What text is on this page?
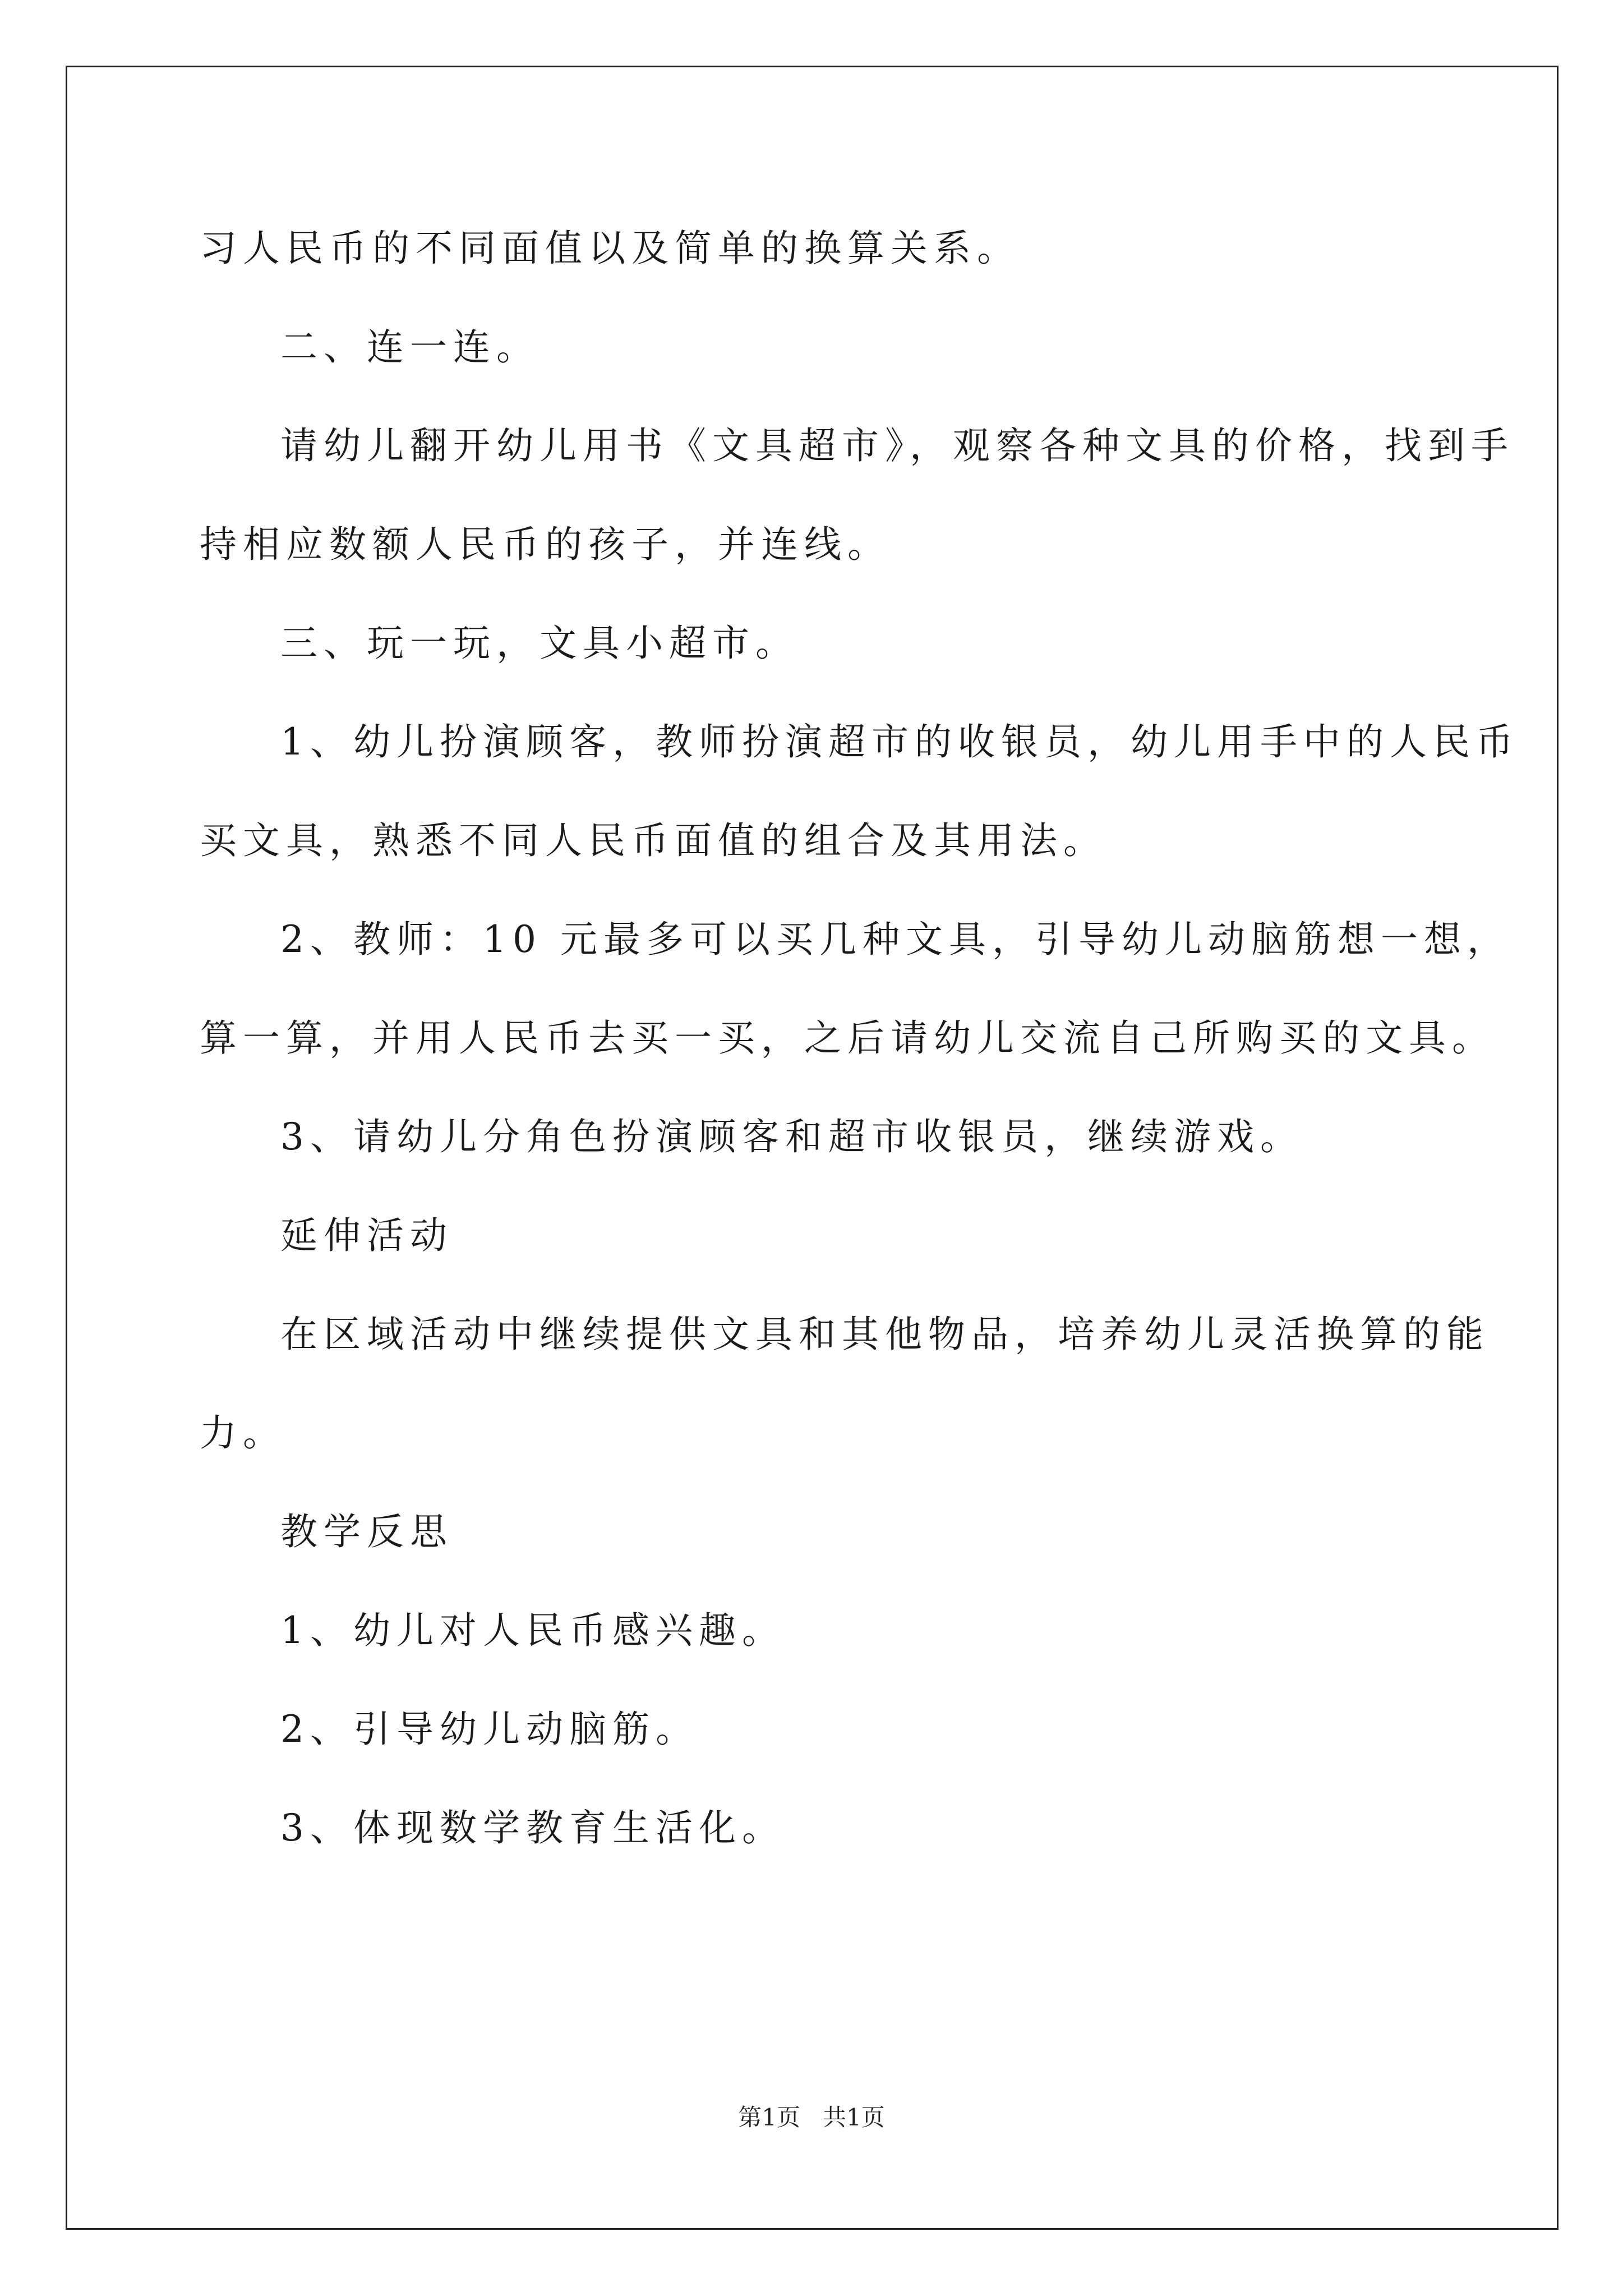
习人民币的不同面值以及简单的换算关系。

二、连一连。

请幼儿翻开幼儿用书《文具超市》，观察各种文具的价格，找到手

持相应数额人民币的孩子，并连线。

三、玩一玩，文具小超市。

1、幼儿扮演顾客，教师扮演超市的收银员，幼儿用手中的人民币

买文具，熟悉不同人民币面值的组合及其用法。

2、教师：10 元最多可以买几种文具，引导幼儿动脑筋想一想，

算一算，并用人民币去买一买，之后请幼儿交流自己所购买的文具。

3、请幼儿分角色扮演顾客和超市收银员，继续游戏。

延伸活动

在区域活动中继续提供文具和其他物品，培养幼儿灵活换算的能

力。

教学反思

1、幼儿对人民币感兴趣。

2、引导幼儿动脑筋。

3、体现数学教育生活化。

第1页   共1页
